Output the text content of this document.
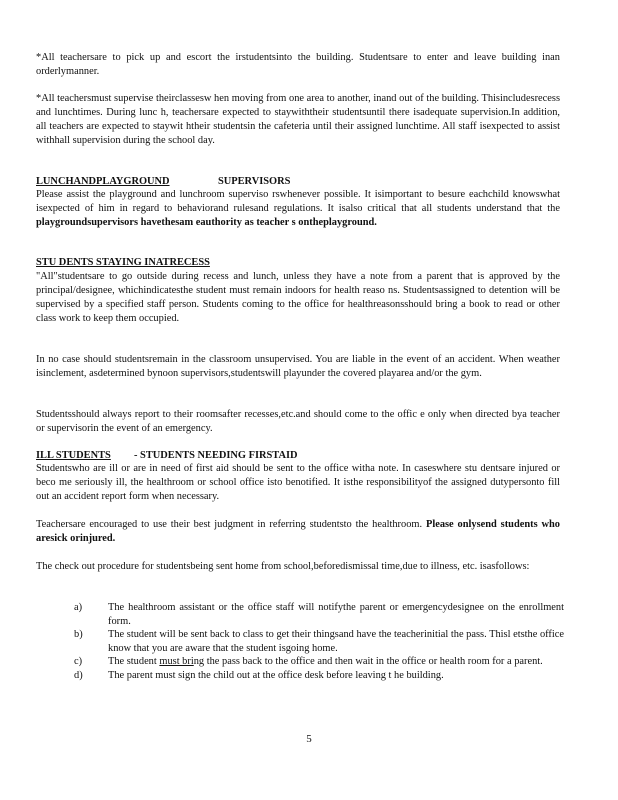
*All teachersare to pick up and escort the irstudentsinto the building. Studentsare to enter and leave building inan orderlymanner.

*All teachersmust supervise theirclassesw hen moving from one area to another, inand out of the building. Thisincludesrecess and lunchtimes. During lunc h, teachersare expected to staywiththeir studentsuntil there isadequate supervision.In addition, all teachers are expected to staywit htheir studentsin the cafeteria until their assigned lunchtime. All staff isexpected to assist withhall supervision during the school day.

LUNCHANDPLAYGROUND	SUPERVISORS

Please assist the playground and lunchroom superviso rswhenever possible. It isimportant to besure eachchild knowswhat isexpected of him in regard to behaviorand rulesand regulations. It isalso critical that all students understand that the playgroundsupervisors havethesam eauthority as teacher s ontheplayground.

STU DENTS STAYING INATRECESS

"All"studentsare to go outside during recess and lunch, unless they have a note from a parent that is approved by the principal/designee, whichindicatesthe student must remain indoors for health reaso ns. Studentsassigned to detention will be supervised by a specified staff person. Students coming to the office for healthreasonsshould bring a book to read or other class work to keep them occupied.

In no case should studentsremain in the classroom unsupervised. You are liable in the event of an accident. When weather isinclement, asdetermined bynoon supervisors,studentswill playunder the covered playarea and/or the gym.

Studentsshould always report to their roomsafter recesses,etc.and should come to the offic e only when directed bya teacher or supervisorin the event of an emergency.

ILL STUDENTS - STUDENTS NEEDING FIRSTAID

Studentswho are ill or are in need of first aid should be sent to the office witha note. In caseswhere stu dentsare injured or beco me seriously ill, the healthroom or school office isto benotified. It isthe responsibilityof the assigned dutypersonto fill out an accident report form when necessary.

Teachersare encouraged to use their best judgment in referring studentsto the healthroom. Please onlysend students who aresick orinjured.

The check out procedure for studentsbeing sent home from school,beforedismissal time,due to illness, etc. isasfollows:

a) The healthroom assistant or the office staff will notifythe parent or emergencydesignee on the enrollment form.
b) The student will be sent back to class to get their thingsand have the teacherinitial the pass. Thisl etsthe office know that you are aware that the student isgoing home.
c) The student must bring the pass back to the office and then wait in the office or health room for a parent.
d) The parent must sign the child out at the office desk before leaving t he building.
5
